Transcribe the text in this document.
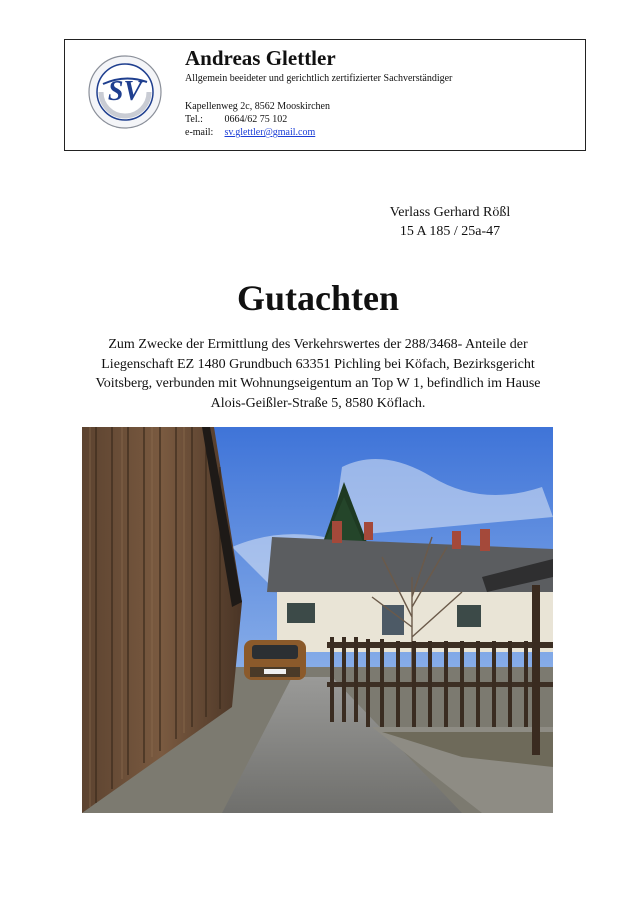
SV

Andreas Glettler

Allgemein beeideter und gerichtlich zertifizierter Sachverständiger

Kapellenweg 2c, 8562 Mooskirchen
Tel.: 0664/62 75 102
e-mail: sv.glettler@gmail.com
Verlass Gerhard Rößl
15 A 185 / 25a-47
Gutachten
Zum Zwecke der Ermittlung des Verkehrswertes der 288/3468- Anteile der Liegenschaft EZ 1480 Grundbuch 63351 Pichling bei Köfach, Bezirksgericht Voitsberg, verbunden mit Wohnungseigentum an Top W 1, befindlich im Hause Alois-Geißler-Straße 5, 8580 Köflach.
